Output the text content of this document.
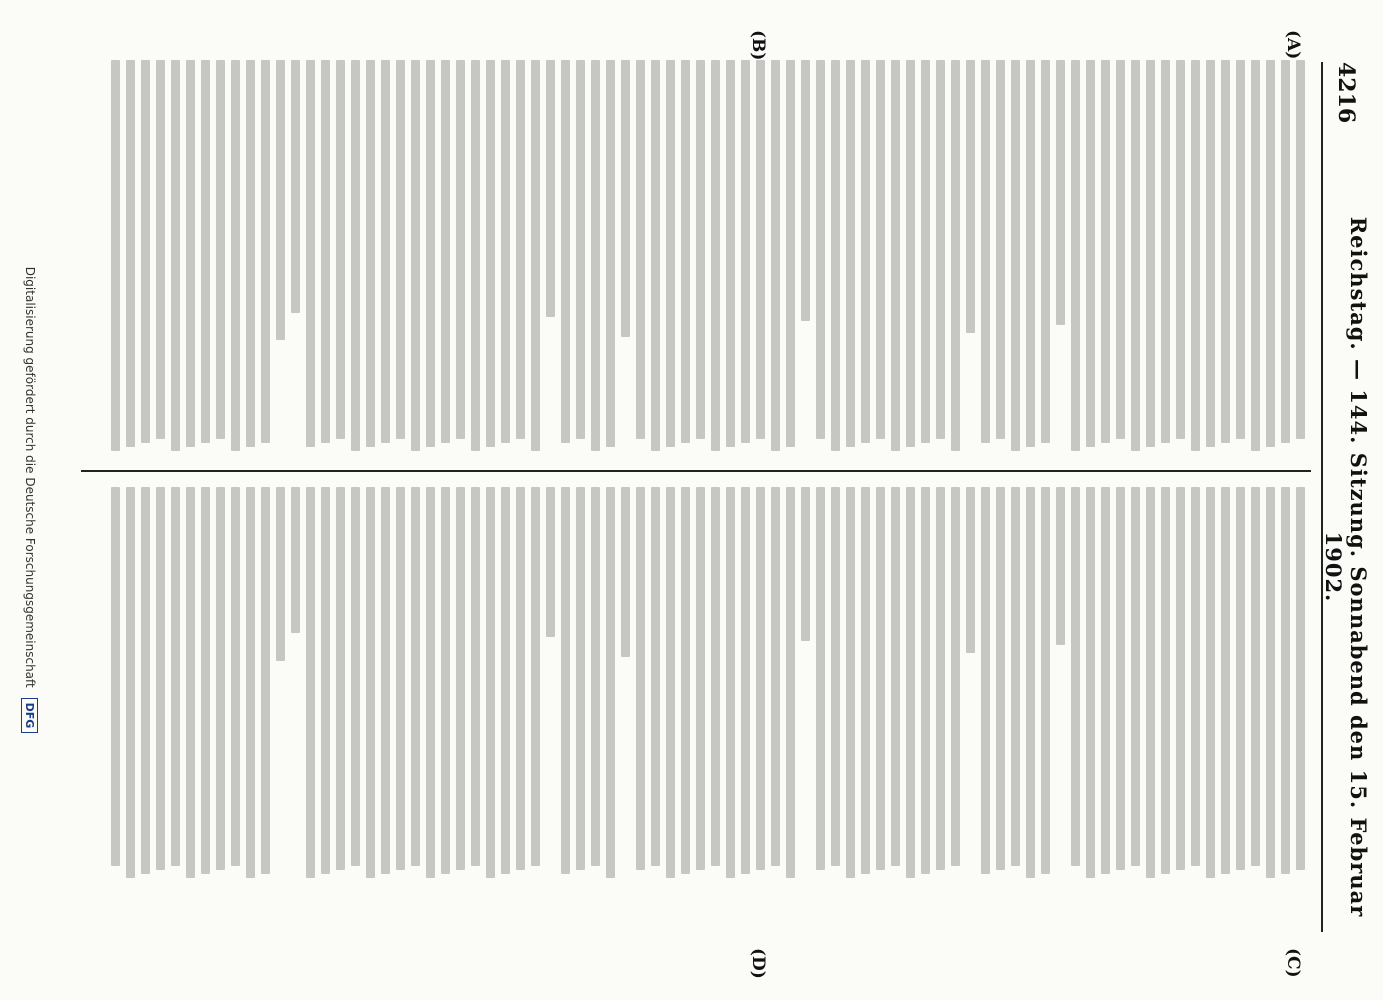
4216
Reichstag. — 144. Sitzung. Sonnabend den 15. Februar 1902.
(A)
(B)
(C)
(D)
Digitalisierung gefördert durch die Deutsche Forschungsgemeinschaft DFG
